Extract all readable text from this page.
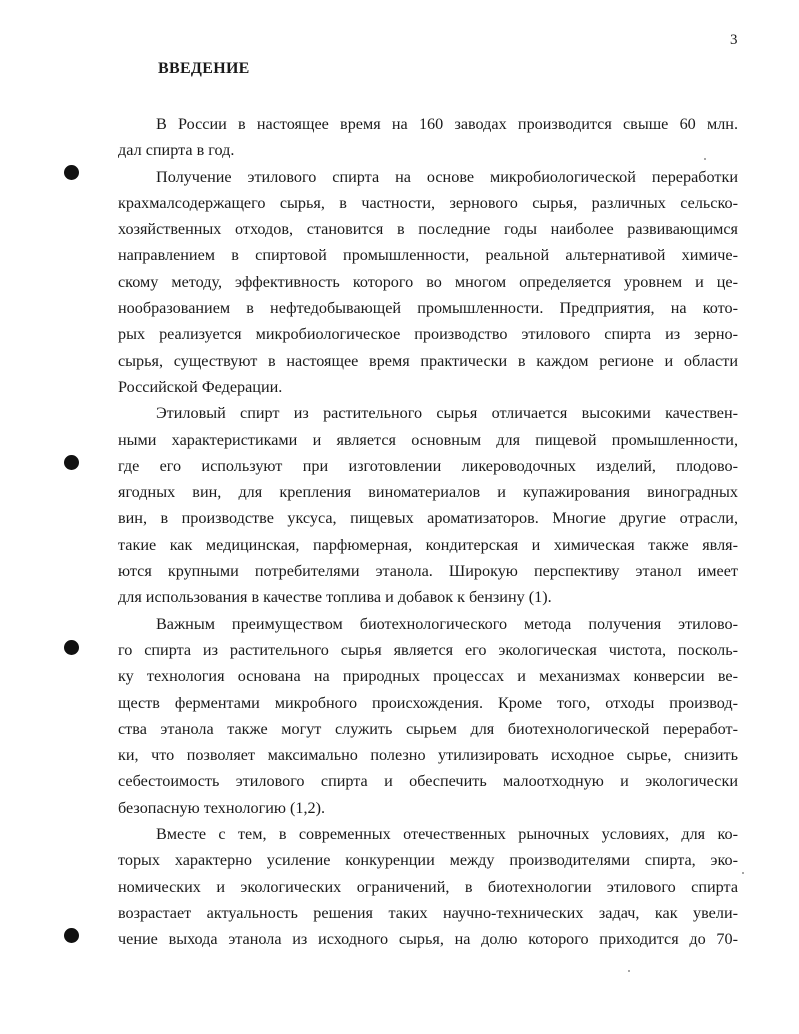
3
ВВЕДЕНИЕ
В России в настоящее время на 160 заводах производится свыше 60 млн.
дал спирта в год.
Получение этилового спирта на основе микробиологической переработки
крахмалсодержащего сырья, в частности, зернового сырья, различных сельско-
хозяйственных отходов, становится в последние годы наиболее развивающимся
направлением в спиртовой промышленности, реальной альтернативой химиче-
скому методу, эффективность которого во многом определяется уровнем и це-
нообразованием в нефтедобывающей промышленности. Предприятия, на кото-
рых реализуется микробиологическое производство этилового спирта из зерно-
сырья, существуют в настоящее время практически в каждом регионе и области
Российской Федерации.
Этиловый спирт из растительного сырья отличается высокими качествен-
ными характеристиками и является основным для пищевой промышленности,
где его используют при изготовлении ликероводочных изделий, плодово-
ягодных вин, для крепления виноматериалов и купажирования виноградных
вин, в производстве уксуса, пищевых ароматизаторов. Многие другие отрасли,
такие как медицинская, парфюмерная, кондитерская и химическая также явля-
ются крупными потребителями этанола. Широкую перспективу этанол имеет
для использования в качестве топлива и добавок к бензину (1).
Важным преимуществом биотехнологического метода получения этилово-
го спирта из растительного сырья является его экологическая чистота, посколь-
ку технология основана на природных процессах и механизмах конверсии ве-
ществ ферментами микробного происхождения. Кроме того, отходы производ-
ства этанола также могут служить сырьем для биотехнологической переработ-
ки, что позволяет максимально полезно утилизировать исходное сырье, снизить
себестоимость этилового спирта и обеспечить малоотходную и экологически
безопасную технологию (1,2).
Вместе с тем, в современных отечественных рыночных условиях, для ко-
торых характерно усиление конкуренции между производителями спирта, эко-
номических и экологических ограничений, в биотехнологии этилового спирта
возрастает актуальность решения таких научно-технических задач, как увели-
чение выхода этанола из исходного сырья, на долю которого приходится до 70-
